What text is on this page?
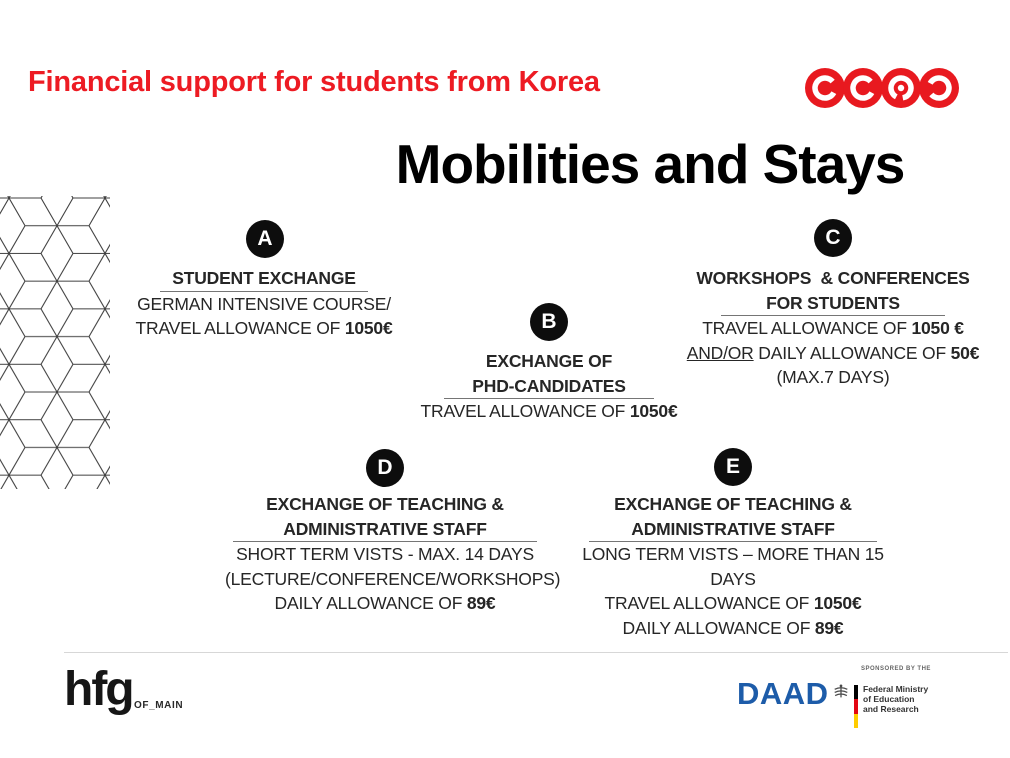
Financial support for students from Korea
Mobilities and Stays
A
B
C
D	E
STUDENT EXCHANGE
GERMAN INTENSIVE COURSE/
TRAVEL ALLOWANCE OF 1050€
EXCHANGE OF
PHD-CANDIDATES
TRAVEL ALLOWANCE OF 1050€
WORKSHOPS  & CONFERENCES
FOR STUDENTS
TRAVEL ALLOWANCE OF 1050 €
AND/OR DAILY ALLOWANCE OF 50€
(MAX.7 DAYS)
EXCHANGE OF TEACHING &
ADMINISTRATIVE STAFF
SHORT TERM VISTS - MAX. 14 DAYS
(LECTURE/CONFERENCE/WORKSHOPS)
DAILY ALLOWANCE OF 89€
EXCHANGE OF TEACHING &
ADMINISTRATIVE STAFF
LONG TERM VISTS – MORE THAN 15 DAYS
TRAVEL ALLOWANCE OF 1050€
DAILY ALLOWANCE OF 89€
hfg OF_MAIN	DAAD
SPONSORED BY THE
Federal Ministry
of Education
and Research
